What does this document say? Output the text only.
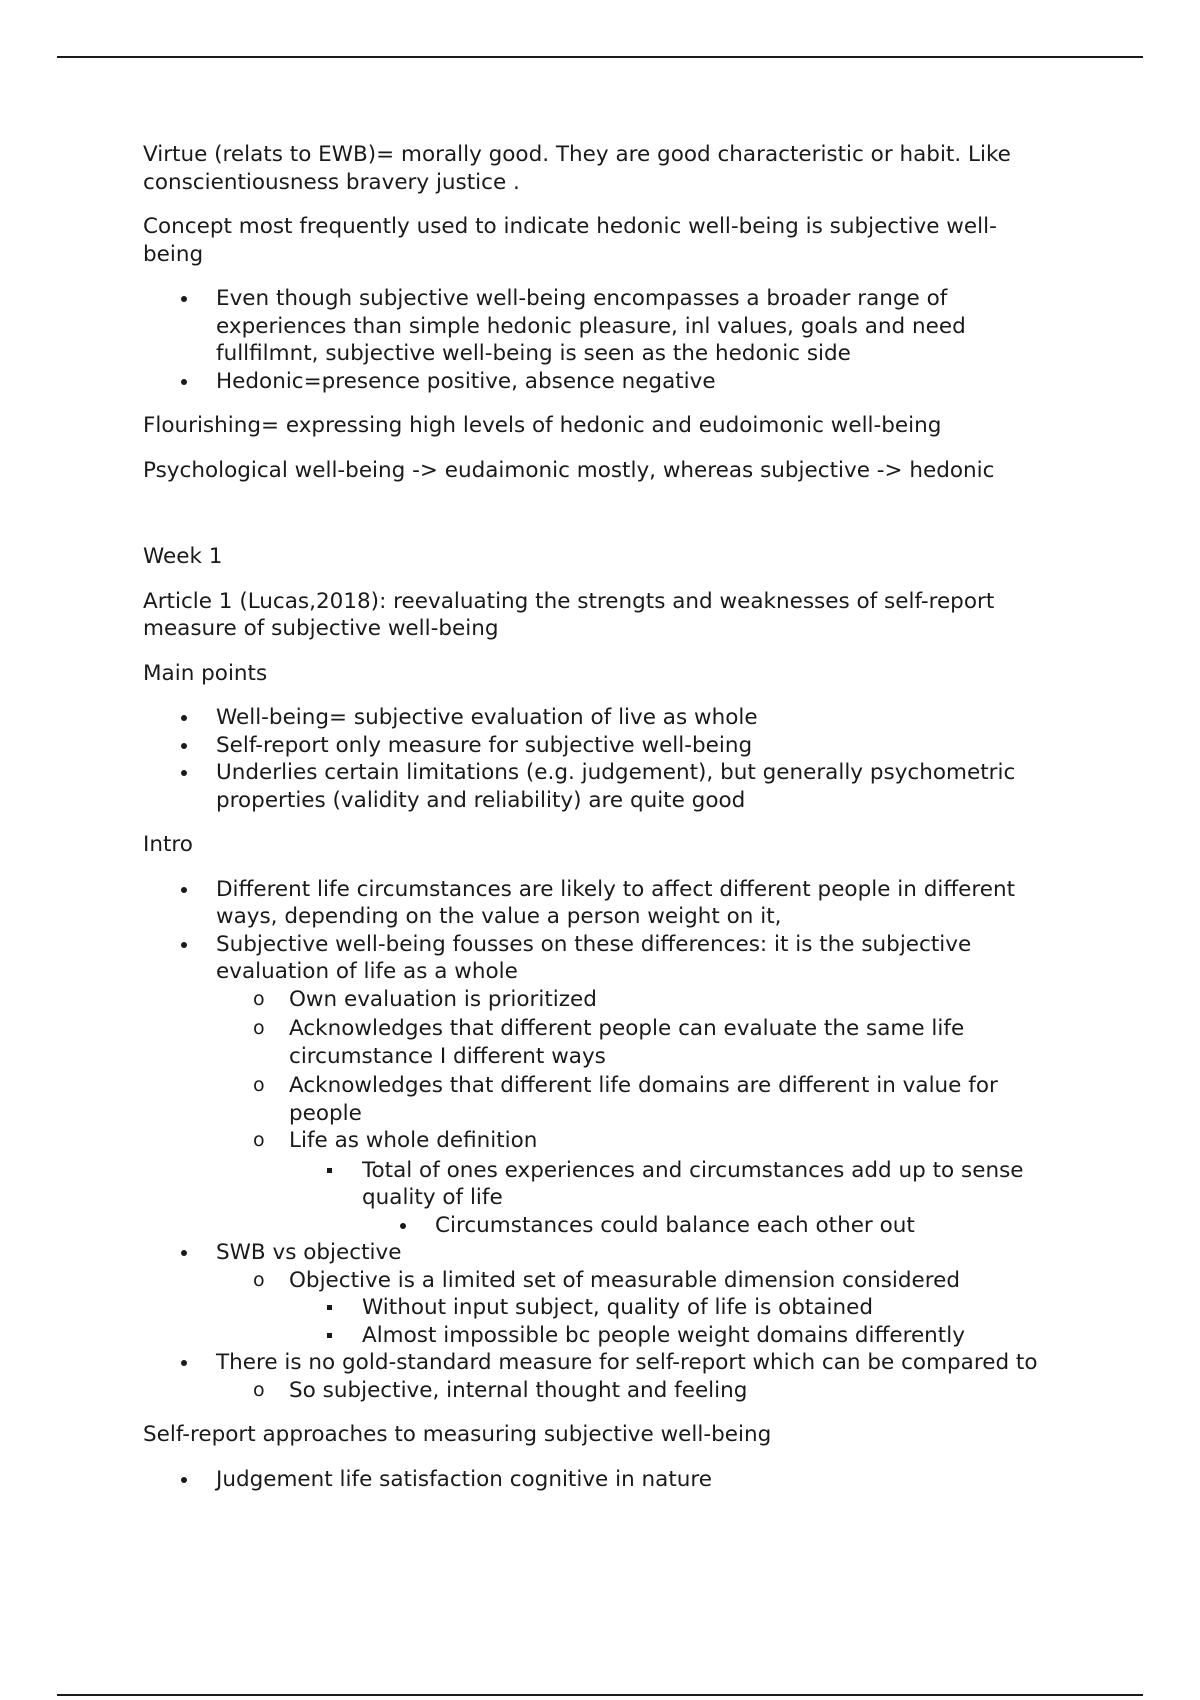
Virtue (relats to EWB)= morally good. They are good characteristic or habit. Like conscientiousness bravery justice .

Concept most frequently used to indicate hedonic well-being is subjective well-being

Even though subjective well-being encompasses a broader range of experiences than simple hedonic pleasure, inl values, goals and need fullfilmnt, subjective well-being is seen as the hedonic side
Hedonic=presence positive, absence negative

Flourishing= expressing high levels of hedonic and eudoimonic well-being

Psychological well-being -> eudaimonic mostly, whereas subjective -> hedonic

Week 1

Article 1 (Lucas,2018): reevaluating the strengts and weaknesses of self-report measure of subjective well-being

Main points

Well-being= subjective evaluation of live as whole
Self-report only measure for subjective well-being
Underlies certain limitations (e.g. judgement), but generally psychometric properties (validity and reliability) are quite good

Intro

Different life circumstances are likely to affect different people in different ways, depending on the value a person weight on it,
Subjective well-being fousses on these differences: it is the subjective evaluation of life as a whole
Own evaluation is prioritized
Acknowledges that different people can evaluate the same life circumstance I different ways
Acknowledges that different life domains are different in value for people
Life as whole definition
Total of ones experiences and circumstances add up to sense quality of life
Circumstances could balance each other out
SWB vs objective
Objective is a limited set of measurable dimension considered
Without input subject, quality of life is obtained
Almost impossible bc people weight domains differently
There is no gold-standard measure for self-report which can be compared to
So subjective, internal thought and feeling

Self-report approaches to measuring subjective well-being

Judgement life satisfaction cognitive in nature
